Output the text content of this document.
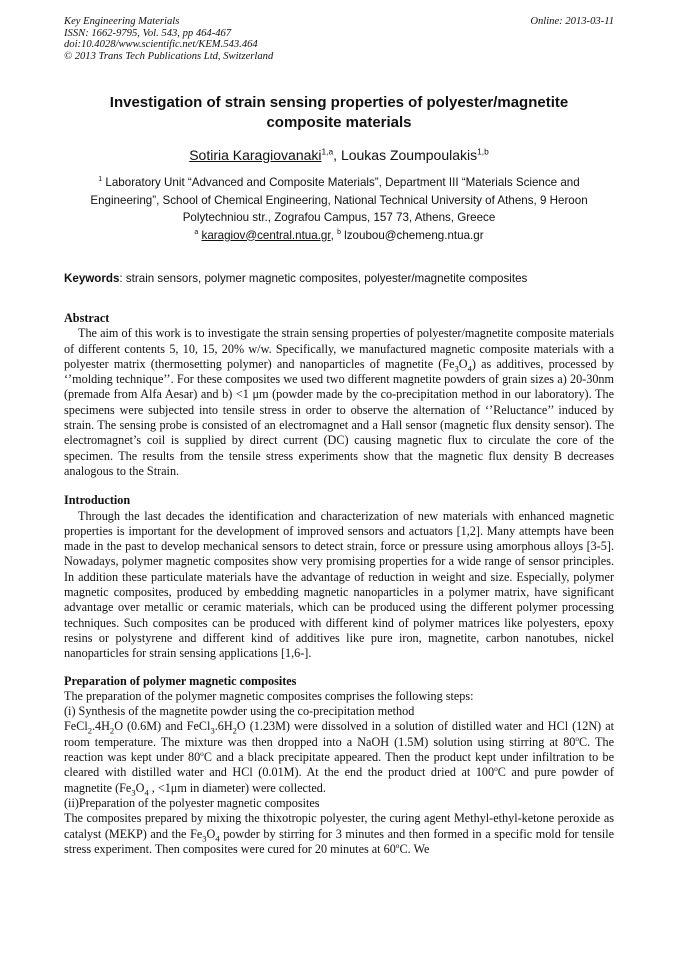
Key Engineering Materials
ISSN: 1662-9795, Vol. 543, pp 464-467
doi:10.4028/www.scientific.net/KEM.543.464
© 2013 Trans Tech Publications Ltd, Switzerland
Online: 2013-03-11
Investigation of strain sensing properties of polyester/magnetite composite materials
Sotiria Karagiovanaki$^{1,a}$, Loukas Zoumpoulakis$^{1,b}$
$^1$ Laboratory Unit “Advanced and Composite Materials”, Department III “Materials Science and Engineering”, School of Chemical Engineering, National Technical University of Athens, 9 Heroon Polytechniou str., Zografou Campus, 157 73, Athens, Greece
$^a$ karagiov@central.ntua.gr, $^b$ lzoubou@chemeng.ntua.gr
Keywords: strain sensors, polymer magnetic composites, polyester/magnetite composites
Abstract
The aim of this work is to investigate the strain sensing properties of polyester/magnetite composite materials of different contents 5, 10, 15, 20% w/w. Specifically, we manufactured magnetic composite materials with a polyester matrix (thermosetting polymer) and nanoparticles of magnetite $(Fe_3O_4)$ as additives, processed by ‘’molding technique’’. For these composites we used two different magnetite powders of grain sizes a) 20-30nm (premade from Alfa Aesar) and b) <1 μm (powder made by the co-precipitation method in our laboratory). The specimens were subjected into tensile stress in order to observe the alternation of ‘’Reluctance’’ induced by strain. The sensing probe is consisted of an electromagnet and a Hall sensor (magnetic flux density sensor). The electromagnet’s coil is supplied by direct current (DC) causing magnetic flux to circulate the core of the specimen. The results from the tensile stress experiments show that the magnetic flux density B decreases analogous to the Strain.
Introduction
Through the last decades the identification and characterization of new materials with enhanced magnetic properties is important for the development of improved sensors and actuators [1,2]. Many attempts have been made in the past to develop mechanical sensors to detect strain, force or pressure using amorphous alloys [3-5]. Nowadays, polymer magnetic composites show very promising properties for a wide range of sensor principles. In addition these particulate materials have the advantage of reduction in weight and size. Especially, polymer magnetic composites, produced by embedding magnetic nanoparticles in a polymer matrix, have significant advantage over metallic or ceramic materials, which can be produced using the different polymer processing techniques. Such composites can be produced with different kind of polymer matrices like polyesters, epoxy resins or polystyrene and different kind of additives like pure iron, magnetite, carbon nanotubes, nickel nanoparticles for strain sensing applications [1,6-].
Preparation of polymer magnetic composites
The preparation of the polymer magnetic composites comprises the following steps:
(i) Synthesis of the magnetite powder using the co-precipitation method
$FeCl_2.4H_2O$ (0.6M) and $FeCl_3.6H_2O$ (1.23M) were dissolved in a solution of distilled water and HCl (12N) at room temperature. The mixture was then dropped into a NaOH (1.5M) solution using stirring at 80$^o$C. The reaction was kept under 80$^o$C and a black precipitate appeared. Then the product kept under infiltration to be cleared with distilled water and HCl (0.01M). At the end the product dried at 100$^o$C and pure powder of magnetite ($Fe_3O_4$ , <1μm in diameter) were collected.
(ii)Preparation of the polyester magnetic composites
The composites prepared by mixing the thixotropic polyester, the curing agent Methyl-ethyl-ketone peroxide as catalyst (MEKP) and the $Fe_3O_4$ powder by stirring for 3 minutes and then formed in a specific mold for tensile stress experiment. Then composites were cured for 20 minutes at 60$^o$C. We
